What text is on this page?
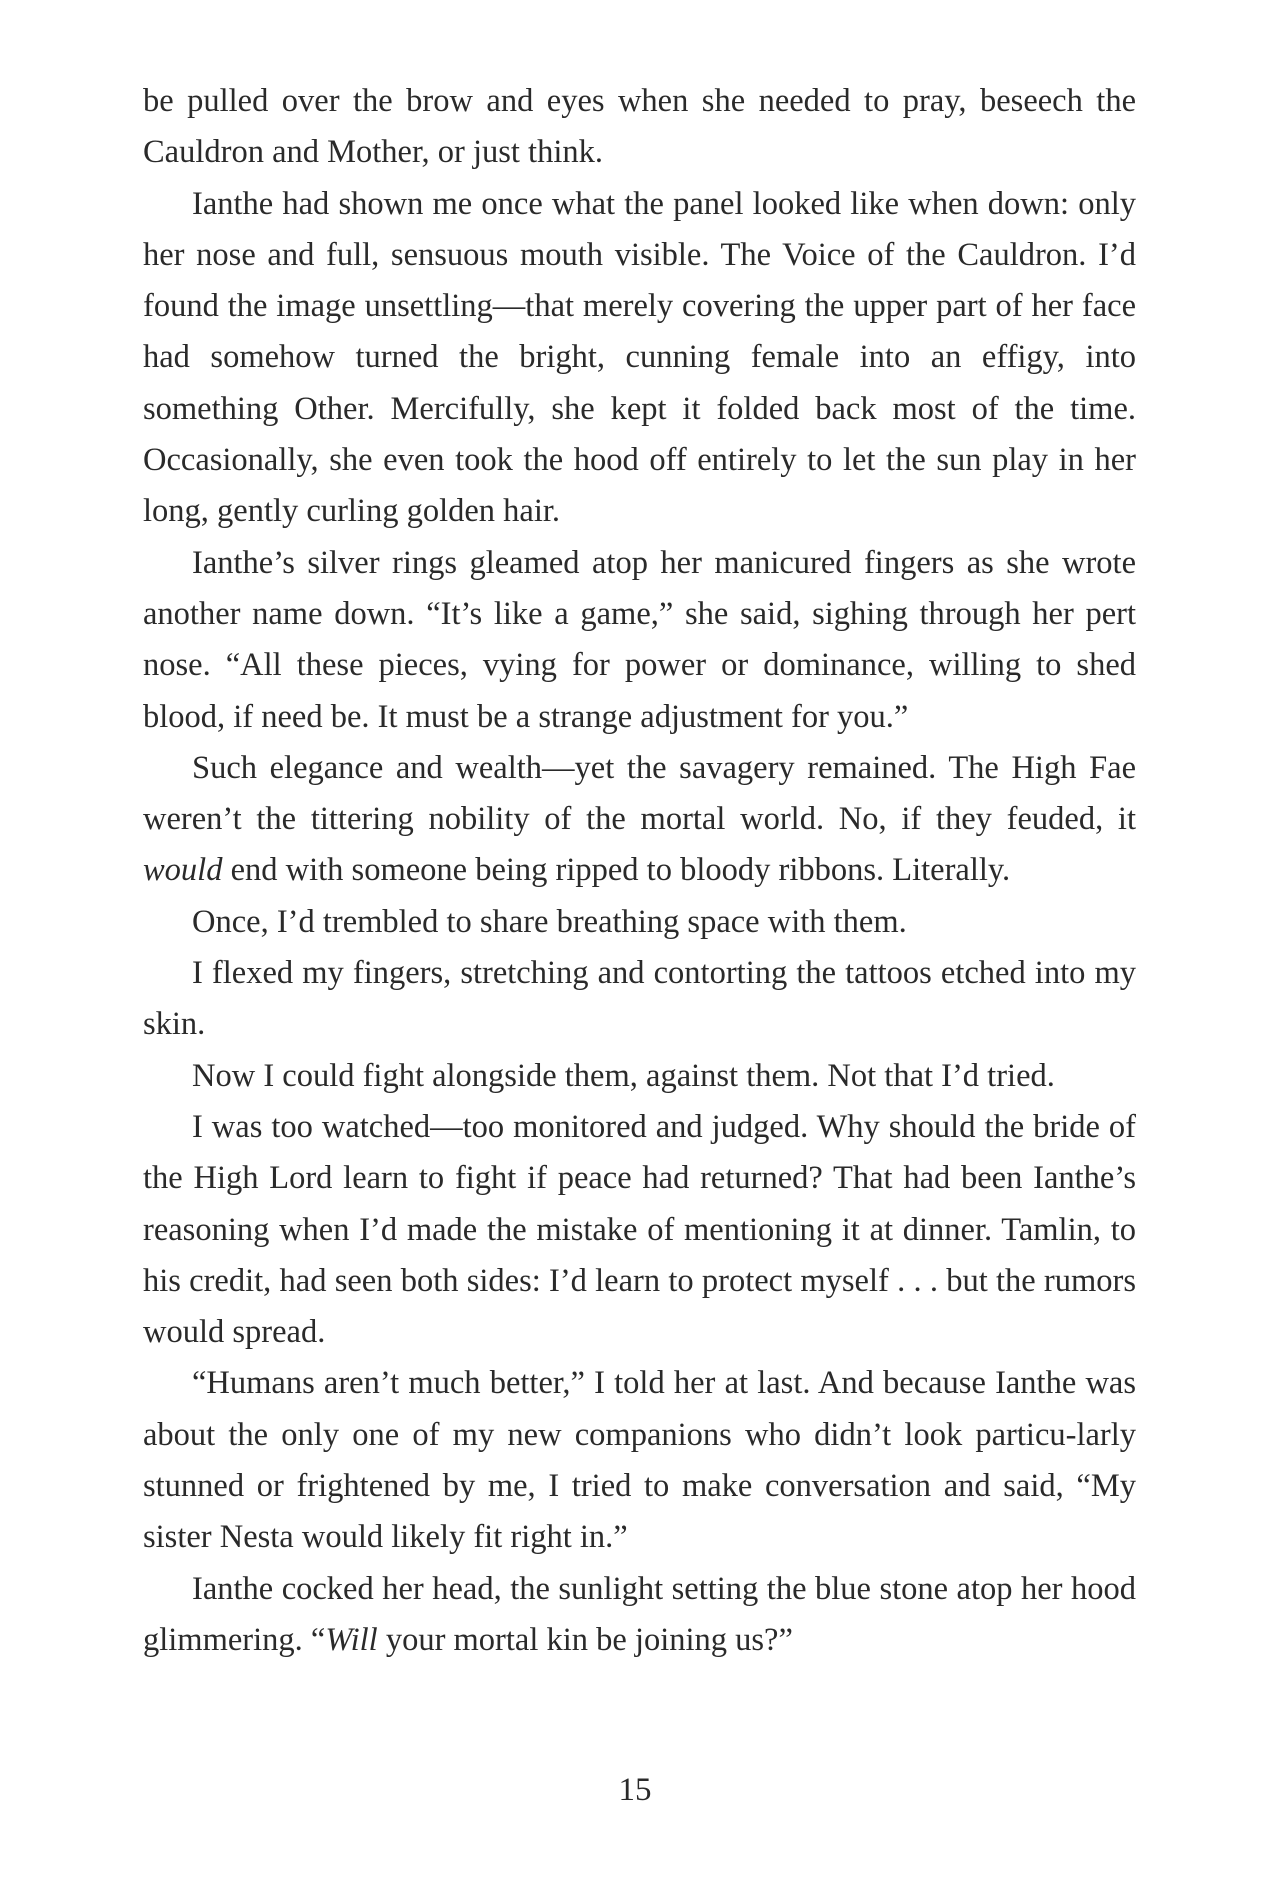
be pulled over the brow and eyes when she needed to pray, beseech the Cauldron and Mother, or just think.

Ianthe had shown me once what the panel looked like when down: only her nose and full, sensuous mouth visible. The Voice of the Cauldron. I’d found the image unsettling—that merely covering the upper part of her face had somehow turned the bright, cunning female into an effigy, into something Other. Mercifully, she kept it folded back most of the time. Occasionally, she even took the hood off entirely to let the sun play in her long, gently curling golden hair.

Ianthe’s silver rings gleamed atop her manicured fingers as she wrote another name down. “It’s like a game,” she said, sighing through her pert nose. “All these pieces, vying for power or dominance, willing to shed blood, if need be. It must be a strange adjustment for you.”

Such elegance and wealth—yet the savagery remained. The High Fae weren’t the tittering nobility of the mortal world. No, if they feuded, it would end with someone being ripped to bloody ribbons. Literally.

Once, I’d trembled to share breathing space with them.

I flexed my fingers, stretching and contorting the tattoos etched into my skin.

Now I could fight alongside them, against them. Not that I’d tried.

I was too watched—too monitored and judged. Why should the bride of the High Lord learn to fight if peace had returned? That had been Ianthe’s reasoning when I’d made the mistake of mentioning it at dinner. Tamlin, to his credit, had seen both sides: I’d learn to protect myself . . . but the rumors would spread.

“Humans aren’t much better,” I told her at last. And because Ianthe was about the only one of my new companions who didn’t look particu-larly stunned or frightened by me, I tried to make conversation and said, “My sister Nesta would likely fit right in.”

Ianthe cocked her head, the sunlight setting the blue stone atop her hood glimmering. “Will your mortal kin be joining us?”

15
